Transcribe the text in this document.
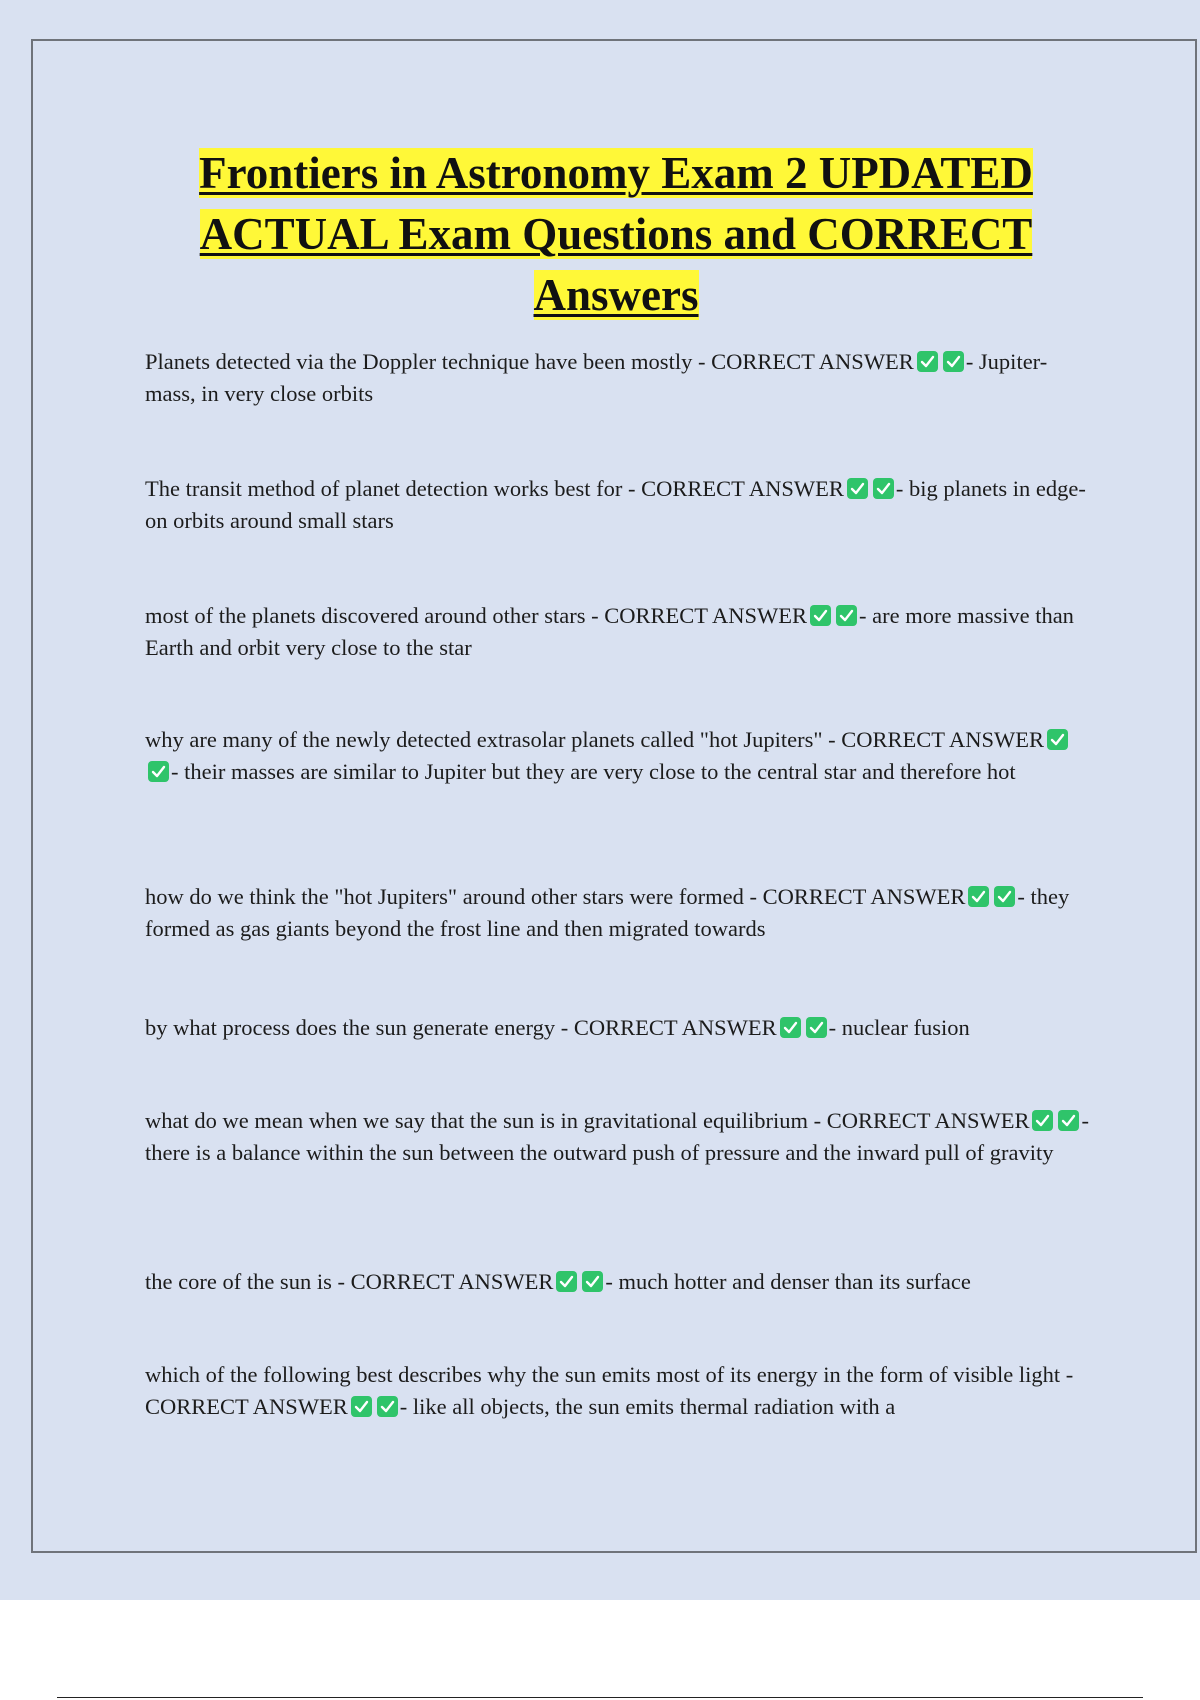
Frontiers in Astronomy Exam 2 UPDATED
ACTUAL Exam Questions and CORRECT
Answers
Planets detected via the Doppler technique have been mostly - CORRECT ANSWER - Jupiter-mass, in very close orbits
The transit method of planet detection works best for - CORRECT ANSWER - big planets in edge-on orbits around small stars
most of the planets discovered around other stars - CORRECT ANSWER - are more massive than Earth and orbit very close to the star
why are many of the newly detected extrasolar planets called "hot Jupiters" - CORRECT ANSWER
- their masses are similar to Jupiter but they are very close to the central star and therefore hot
how do we think the "hot Jupiters" around other stars were formed - CORRECT ANSWER - they formed as gas giants beyond the frost line and then migrated towards
by what process does the sun generate energy - CORRECT ANSWER - nuclear fusion
what do we mean when we say that the sun is in gravitational equilibrium - CORRECT ANSWER - there is a balance within the sun between the outward push of pressure and the inward pull of gravity
the core of the sun is - CORRECT ANSWER - much hotter and denser than its surface
which of the following best describes why the sun emits most of its energy in the form of visible light - CORRECT ANSWER - like all objects, the sun emits thermal radiation with a
